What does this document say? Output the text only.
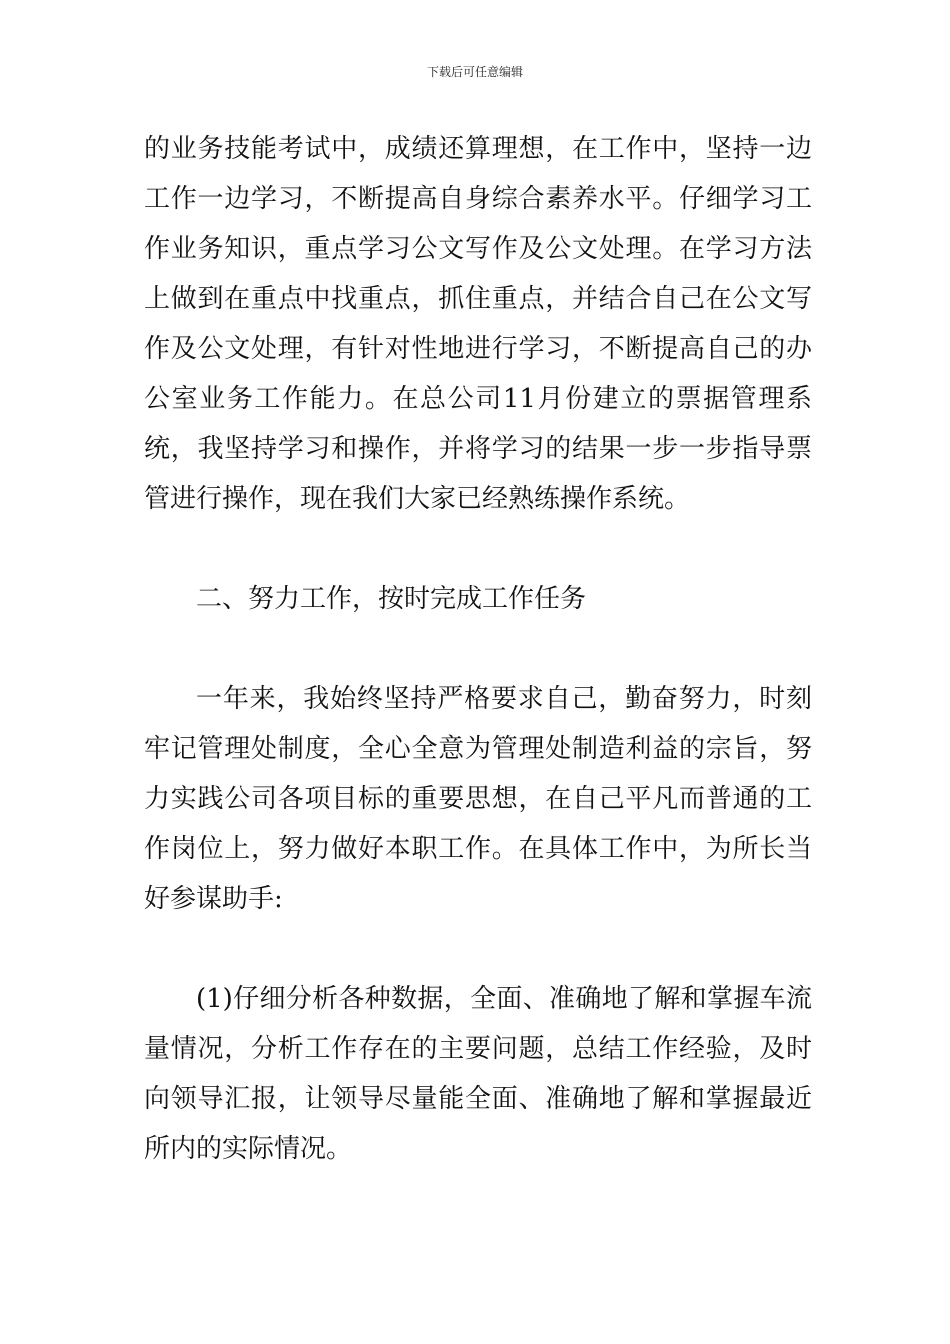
下载后可任意编辑

的业务技能考试中，成绩还算理想，在工作中，坚持一边工作一边学习，不断提高自身综合素养水平。仔细学习工作业务知识，重点学习公文写作及公文处理。在学习方法上做到在重点中找重点，抓住重点，并结合自己在公文写作及公文处理，有针对性地进行学习，不断提高自己的办公室业务工作能力。在总公司11月份建立的票据管理系统，我坚持学习和操作，并将学习的结果一步一步指导票管进行操作，现在我们大家已经熟练操作系统。

二、努力工作，按时完成工作任务

一年来，我始终坚持严格要求自己，勤奋努力，时刻牢记管理处制度，全心全意为管理处制造利益的宗旨，努力实践公司各项目标的重要思想，在自己平凡而普通的工作岗位上，努力做好本职工作。在具体工作中，为所长当好参谋助手:

(1)仔细分析各种数据，全面、准确地了解和掌握车流量情况，分析工作存在的主要问题，总结工作经验，及时向领导汇报，让领导尽量能全面、准确地了解和掌握最近所内的实际情况。
